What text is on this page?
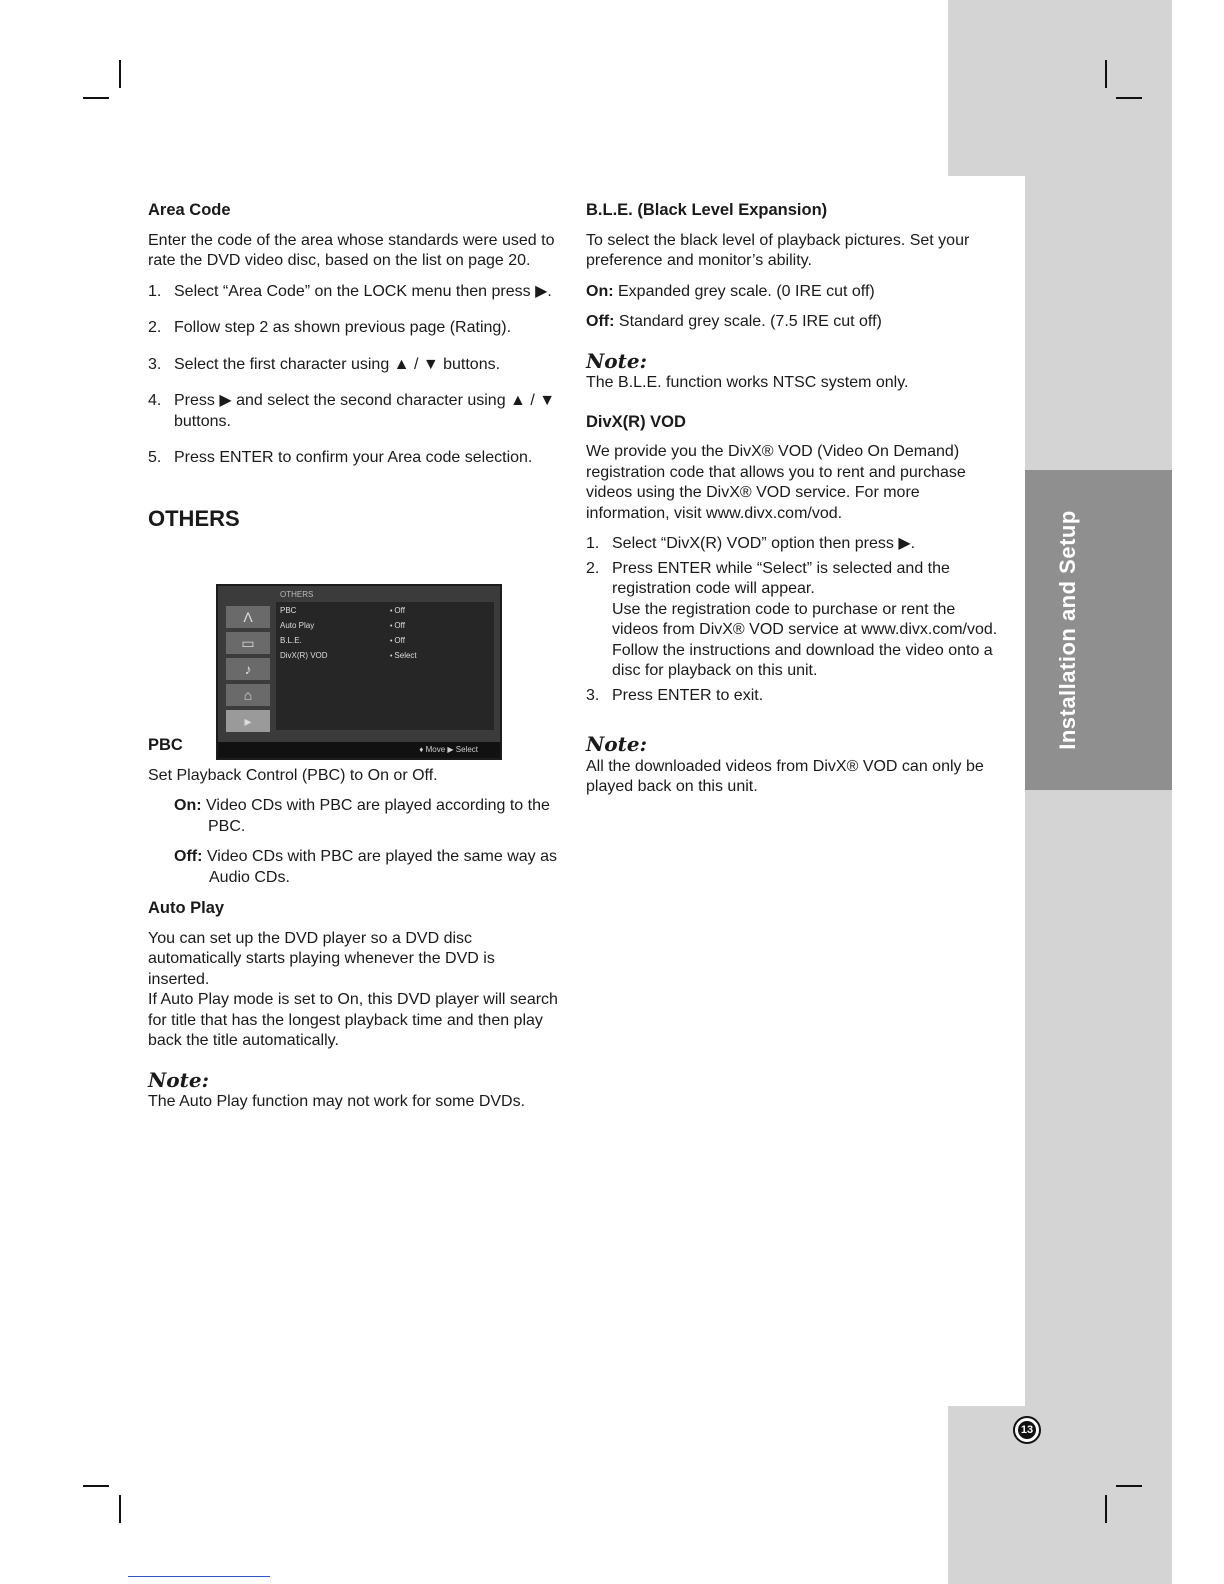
Installation and Setup
Area Code

Enter the code of the area whose standards were used to rate the DVD video disc, based on the list on page 20.

1. Select “Area Code” on the LOCK menu then press ▶.
2. Follow step 2 as shown previous page (Rating).
3. Select the first character using ▲ / ▼ buttons.
4. Press ▶ and select the second character using ▲ / ▼ buttons.
5. Press ENTER to confirm your Area code selection.
OTHERS
PBC

Set Playback Control (PBC) to On or Off.

On: Video CDs with PBC are played according to the PBC.

Off: Video CDs with PBC are played the same way as Audio CDs.

Auto Play

You can set up the DVD player so a DVD disc automatically starts playing whenever the DVD is inserted.

If Auto Play mode is set to On, this DVD player will search for title that has the longest playback time and then play back the title automatically.

Note:

The Auto Play function may not work for some DVDs.

Λ
▭
♪
⌂
▸
OTHERS
PBC	• Off
Auto Play	• Off
B.L.E.	• Off
DivX(R) VOD	• Select
♦ Move ▶ Select
B.L.E. (Black Level Expansion)

To select the black level of playback pictures. Set your preference and monitor’s ability.

On: Expanded grey scale. (0 IRE cut off)

Off: Standard grey scale. (7.5 IRE cut off)

Note:

The B.L.E. function works NTSC system only.

DivX(R) VOD

We provide you the DivX® VOD (Video On Demand) registration code that allows you to rent and purchase videos using the DivX® VOD service. For more information, visit www.divx.com/vod.

1. Select “DivX(R) VOD” option then press ▶.
2. Press ENTER while “Select” is selected and the registration code will appear.
Use the registration code to purchase or rent the videos from DivX® VOD service at www.divx.com/vod. Follow the instructions and download the video onto a disc for playback on this unit.
3. Press ENTER to exit.
Note:

All the downloaded videos from DivX® VOD can only be played back on this unit.

13
